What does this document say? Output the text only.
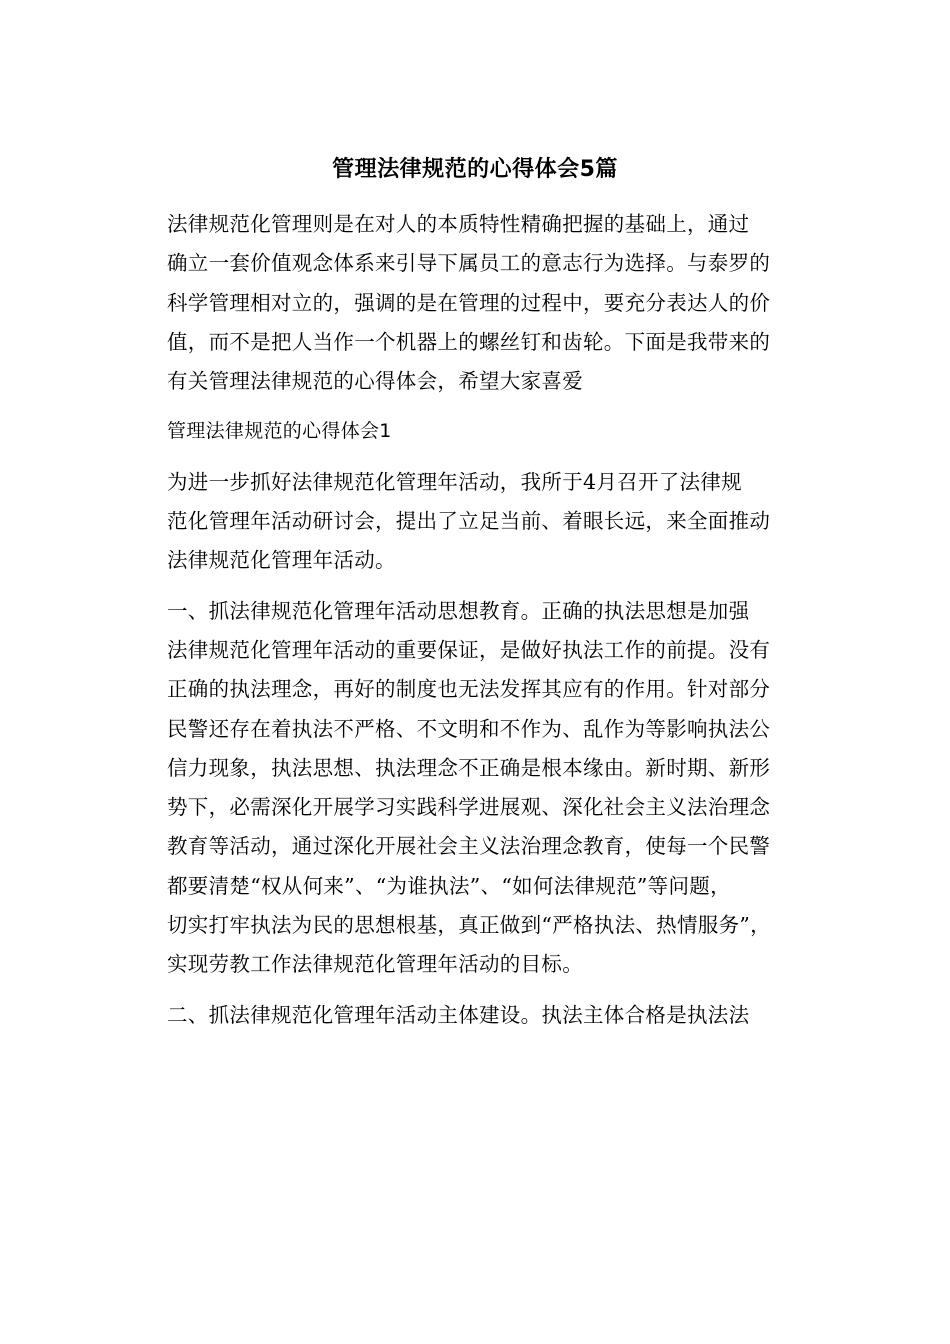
管理法律规范的心得体会5篇

法律规范化管理则是在对人的本质特性精确把握的基础上，通过
确立一套价值观念体系来引导下属员工的意志行为选择。与泰罗的
科学管理相对立的，强调的是在管理的过程中，要充分表达人的价
值，而不是把人当作一个机器上的螺丝钉和齿轮。下面是我带来的
有关管理法律规范的心得体会，希望大家喜爱

管理法律规范的心得体会1

为进一步抓好法律规范化管理年活动，我所于4月召开了法律规
范化管理年活动研讨会，提出了立足当前、着眼长远，来全面推动
法律规范化管理年活动。

一、抓法律规范化管理年活动思想教育。正确的执法思想是加强
法律规范化管理年活动的重要保证，是做好执法工作的前提。没有
正确的执法理念，再好的制度也无法发挥其应有的作用。针对部分
民警还存在着执法不严格、不文明和不作为、乱作为等影响执法公
信力现象，执法思想、执法理念不正确是根本缘由。新时期、新形
势下，必需深化开展学习实践科学进展观、深化社会主义法治理念
教育等活动，通过深化开展社会主义法治理念教育，使每一个民警
都要清楚“权从何来”、“为谁执法”、“如何法律规范”等问题，
切实打牢执法为民的思想根基，真正做到“严格执法、热情服务”，
实现劳教工作法律规范化管理年活动的目标。

二、抓法律规范化管理年活动主体建设。执法主体合格是执法法
